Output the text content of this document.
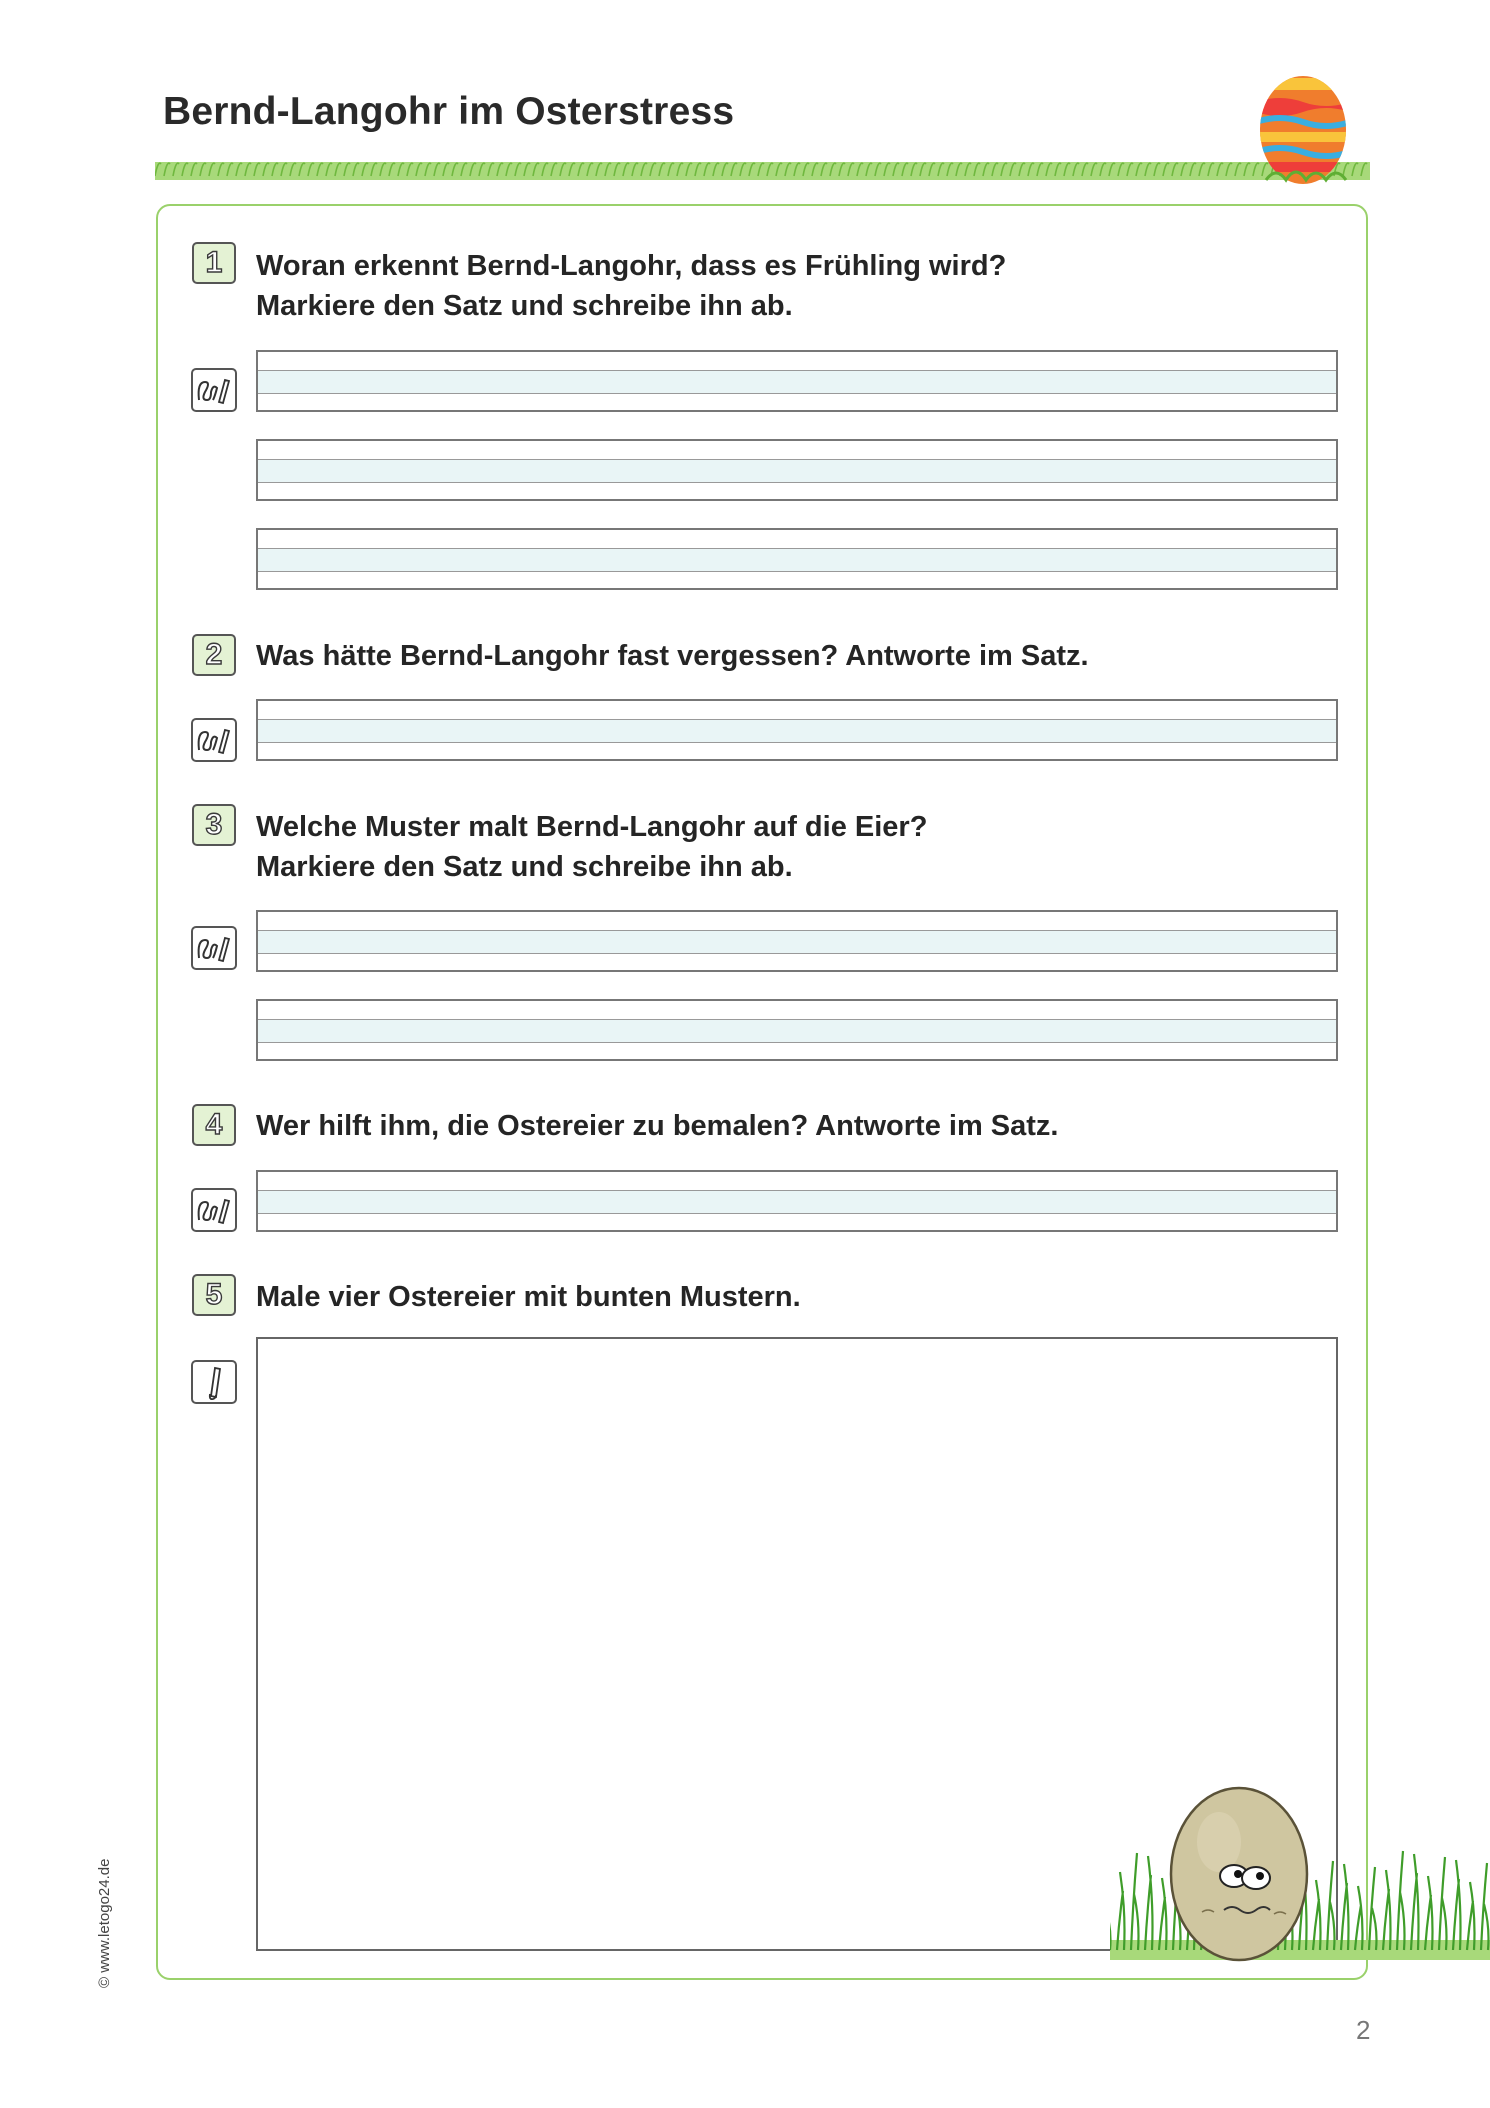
Bernd-Langohr im Osterstress
1	Woran erkennt Bernd-Langohr, dass es Frühling wird?
Markiere den Satz und schreibe ihn ab.
2	Was hätte Bernd-Langohr fast vergessen? Antworte im Satz.
3	Welche Muster malt Bernd-Langohr auf die Eier?
Markiere den Satz und schreibe ihn ab.
4	Wer hilft ihm, die Ostereier zu bemalen? Antworte im Satz.
5	Male vier Ostereier mit bunten Mustern.
© www.letogo24.de
2
